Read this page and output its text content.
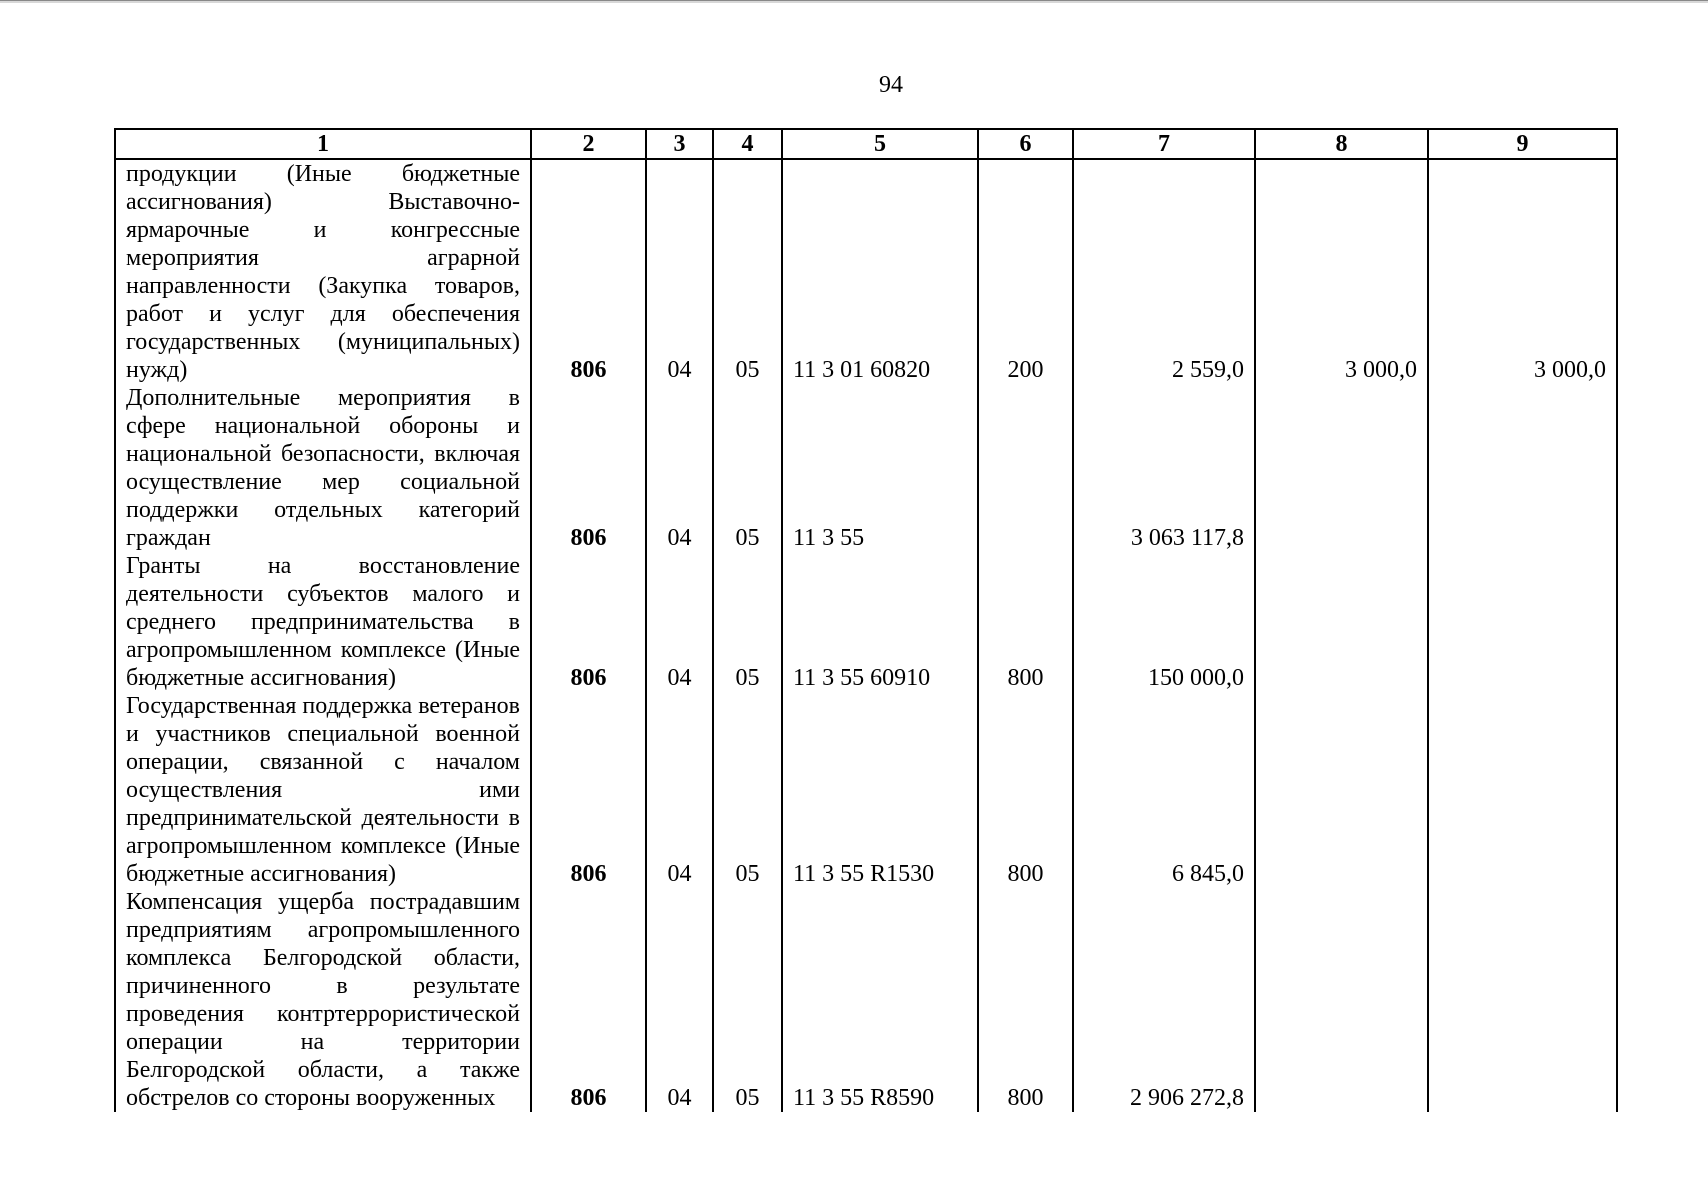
94
1	2	3	4	5	6	7	8	9
продукции (Иные бюджетные ассигнования) Выставочно-ярмарочные и конгрессные мероприятия аграрной направленности (Закупка товаров, работ и услуг для обеспечения государственных (муниципальных) нужд)	806	04	05	11 3 01 60820	200	2 559,0	3 000,0	3 000,0
Дополнительные мероприятия в сфере национальной обороны и национальной безопасности, включая осуществление мер социальной поддержки отдельных категорий граждан	806	04	05	11 3 55		3 063 117,8		
Гранты на восстановление деятельности субъектов малого и среднего предпринимательства в агропромышленном комплексе (Иные бюджетные ассигнования)	806	04	05	11 3 55 60910	800	150 000,0		
Государственная поддержка ветеранов и участников специальной военной операции, связанной с началом осуществления ими предпринимательской деятельности в агропромышленном комплексе (Иные бюджетные ассигнования)	806	04	05	11 3 55 R1530	800	6 845,0		
Компенсация ущерба пострадавшим предприятиям агропромышленного комплекса Белгородской области, причиненного в результате проведения контртеррористической операции на территории Белгородской области, а также обстрелов со стороны вооруженных	806	04	05	11 3 55 R8590	800	2 906 272,8		
